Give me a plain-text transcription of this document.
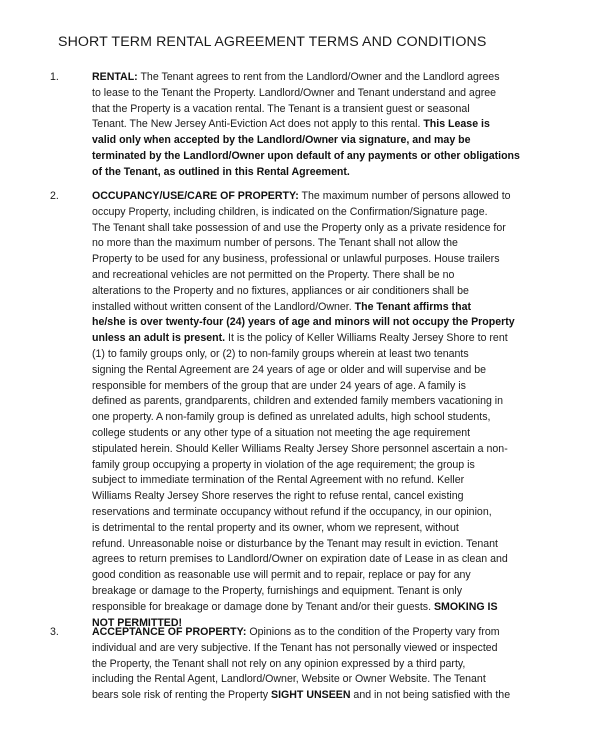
SHORT TERM RENTAL AGREEMENT TERMS AND CONDITIONS
1.	RENTAL: The Tenant agrees to rent from the Landlord/Owner and the Landlord agrees
to lease to the Tenant the Property. Landlord/Owner and Tenant understand and agree
that the Property is a vacation rental. The Tenant is a transient guest or seasonal
Tenant. The New Jersey Anti-Eviction Act does not apply to this rental. This Lease is
valid only when accepted by the Landlord/Owner via signature, and may be
terminated by the Landlord/Owner upon default of any payments or other obligations
of the Tenant, as outlined in this Rental Agreement.
2.	OCCUPANCY/USE/CARE OF PROPERTY: The maximum number of persons allowed to
occupy Property, including children, is indicated on the Confirmation/Signature page.
The Tenant shall take possession of and use the Property only as a private residence for
no more than the maximum number of persons. The Tenant shall not allow the
Property to be used for any business, professional or unlawful purposes. House trailers
and recreational vehicles are not permitted on the Property. There shall be no
alterations to the Property and no fixtures, appliances or air conditioners shall be
installed without written consent of the Landlord/Owner. The Tenant affirms that
he/she is over twenty-four (24) years of age and minors will not occupy the Property
unless an adult is present. It is the policy of Keller Williams Realty Jersey Shore to rent
(1) to family groups only, or (2) to non-family groups wherein at least two tenants
signing the Rental Agreement are 24 years of age or older and will supervise and be
responsible for members of the group that are under 24 years of age. A family is
defined as parents, grandparents, children and extended family members vacationing in
one property. A non-family group is defined as unrelated adults, high school students,
college students or any other type of a situation not meeting the age requirement
stipulated herein. Should Keller Williams Realty Jersey Shore personnel ascertain a non-
family group occupying a property in violation of the age requirement; the group is
subject to immediate termination of the Rental Agreement with no refund. Keller
Williams Realty Jersey Shore reserves the right to refuse rental, cancel existing
reservations and terminate occupancy without refund if the occupancy, in our opinion,
is detrimental to the rental property and its owner, whom we represent, without
refund. Unreasonable noise or disturbance by the Tenant may result in eviction. Tenant
agrees to return premises to Landlord/Owner on expiration date of Lease in as clean and
good condition as reasonable use will permit and to repair, replace or pay for any
breakage or damage to the Property, furnishings and equipment. Tenant is only
responsible for breakage or damage done by Tenant and/or their guests. SMOKING IS
NOT PERMITTED!
3.	ACCEPTANCE OF PROPERTY: Opinions as to the condition of the Property vary from
individual and are very subjective. If the Tenant has not personally viewed or inspected
the Property, the Tenant shall not rely on any opinion expressed by a third party,
including the Rental Agent, Landlord/Owner, Website or Owner Website. The Tenant
bears sole risk of renting the Property SIGHT UNSEEN and in not being satisfied with the
